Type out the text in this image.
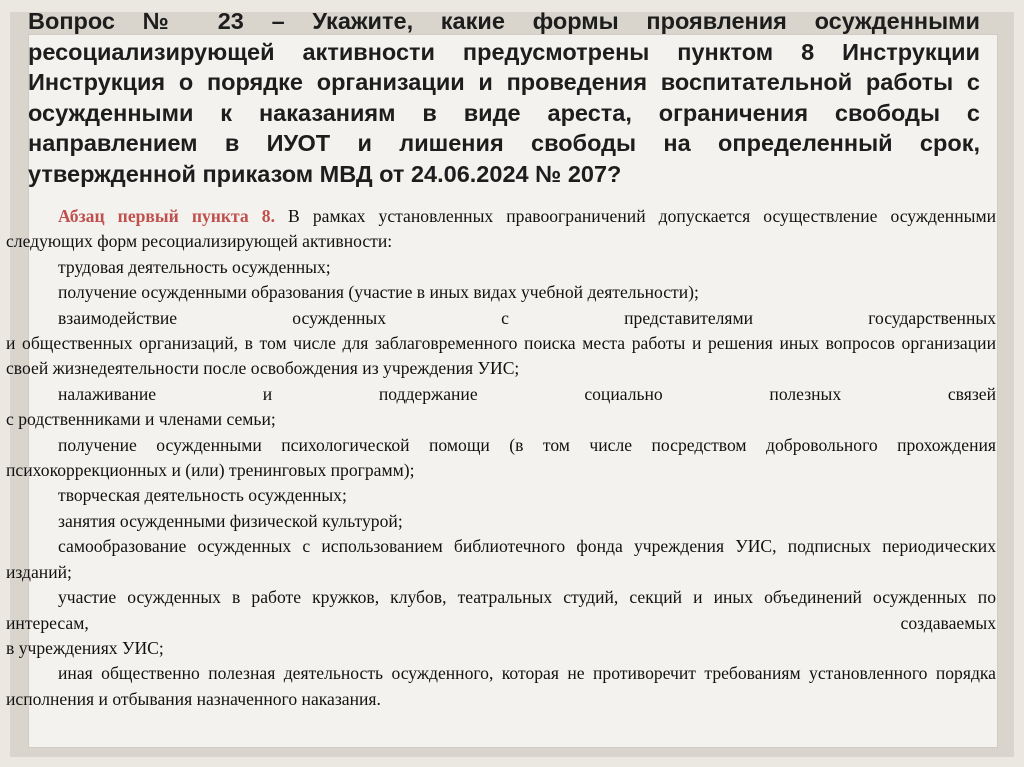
Вопрос № 23 – Укажите, какие формы проявления осужденными ресоциализирующей активности предусмотрены пунктом 8 Инструкции Инструкция о порядке организации и проведения воспитательной работы с осужденными к наказаниям в виде ареста, ограничения свободы с направлением в ИУОТ и лишения свободы на определенный срок, утвержденной приказом МВД от 24.06.2024 № 207?

Абзац первый пункта 8. В рамках установленных правоограничений допускается осуществление осужденными следующих форм ресоциализирующей активности:

трудовая деятельность осужденных;

получение осужденными образования (участие в иных видах учебной деятельности);

взаимодействие осужденных с представителями государственных

и общественных организаций, в том числе для заблаговременного поиска места работы и решения иных вопросов организации своей жизнедеятельности после освобождения из учреждения УИС;

налаживание и поддержание социально полезных связей

с родственниками и членами семьи;

получение осужденными психологической помощи (в том числе посредством добровольного прохождения психокоррекционных и (или) тренинговых программ);

творческая деятельность осужденных;

занятия осужденными физической культурой;

самообразование осужденных с использованием библиотечного фонда учреждения УИС, подписных периодических изданий;

участие осужденных в работе кружков, клубов, театральных студий, секций и иных объединений осужденных по интересам, создаваемых

в учреждениях УИС;

иная общественно полезная деятельность осужденного, которая не противоречит требованиям установленного порядка исполнения и отбывания назначенного наказания.
